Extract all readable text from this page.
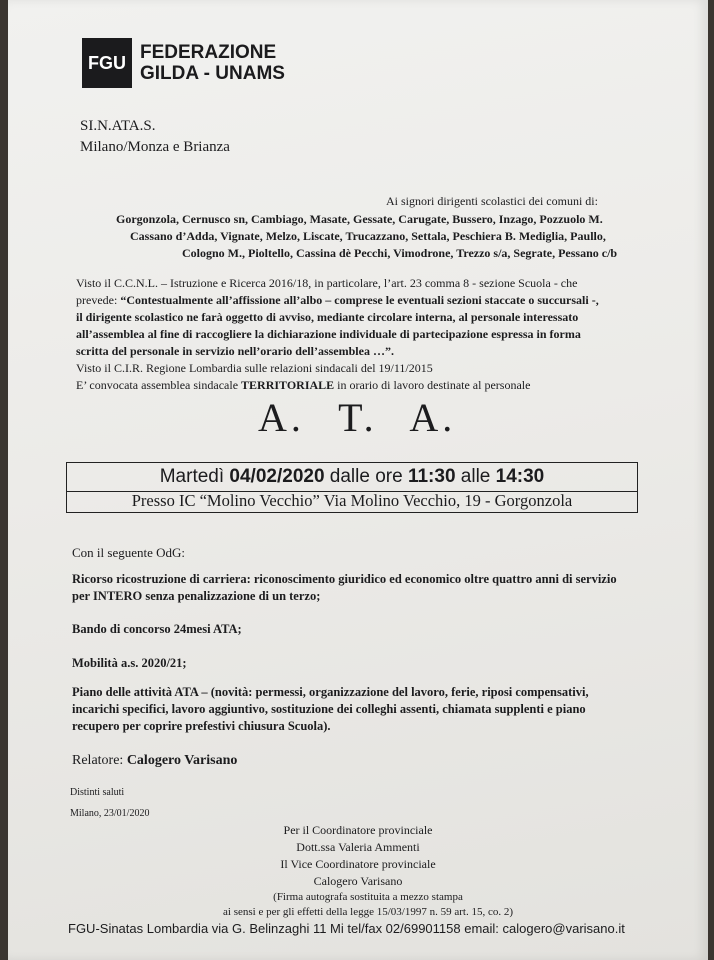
FGU FEDERAZIONE
GILDA - UNAMS
SI.N.ATA.S.
Milano/Monza e Brianza
Ai signori dirigenti scolastici dei comuni di:
Gorgonzola, Cernusco sn, Cambiago, Masate, Gessate, Carugate, Bussero, Inzago, Pozzuolo M.
Cassano d’Adda, Vignate, Melzo, Liscate, Trucazzano, Settala, Peschiera B. Mediglia, Paullo,
Cologno M., Pioltello, Cassina dè Pecchi, Vimodrone, Trezzo s/a, Segrate, Pessano c/b
Visto il C.C.N.L. – Istruzione e Ricerca 2016/18, in particolare, l’art. 23 comma 8 - sezione Scuola - che
prevede: “Contestualmente all’affissione all’albo – comprese le eventuali sezioni staccate o succursali -,
il dirigente scolastico ne farà oggetto di avviso, mediante circolare interna, al personale interessato
all’assemblea al fine di raccogliere la dichiarazione individuale di partecipazione espressa in forma
scritta del personale in servizio nell’orario dell’assemblea …”.
Visto il C.I.R. Regione Lombardia sulle relazioni sindacali del 19/11/2015
E’ convocata assemblea sindacale TERRITORIALE in orario di lavoro destinate al personale
A. T. A.
Martedì 04/02/2020 dalle ore 11:30 alle 14:30
Presso IC “Molino Vecchio” Via Molino Vecchio, 19 - Gorgonzola
Con il seguente OdG:
Ricorso ricostruzione di carriera: riconoscimento giuridico ed economico oltre quattro anni di servizio
per INTERO senza penalizzazione di un terzo;
Bando di concorso 24mesi ATA;
Mobilità a.s. 2020/21;
Piano delle attività ATA – (novità: permessi, organizzazione del lavoro, ferie, riposi compensativi,
incarichi specifici, lavoro aggiuntivo, sostituzione dei colleghi assenti, chiamata supplenti e piano
recupero per coprire prefestivi chiusura Scuola).
Relatore: Calogero Varisano
Distinti saluti
Milano, 23/01/2020
Per il Coordinatore provinciale
Dott.ssa Valeria Ammenti
Il Vice Coordinatore provinciale
Calogero Varisano
(Firma autografa sostituita a mezzo stampa
ai sensi e per gli effetti della legge 15/03/1997 n. 59 art. 15, co. 2)
FGU-Sinatas Lombardia via G. Belinzaghi 11 Mi tel/fax 02/69901158 email: calogero@varisano.it
